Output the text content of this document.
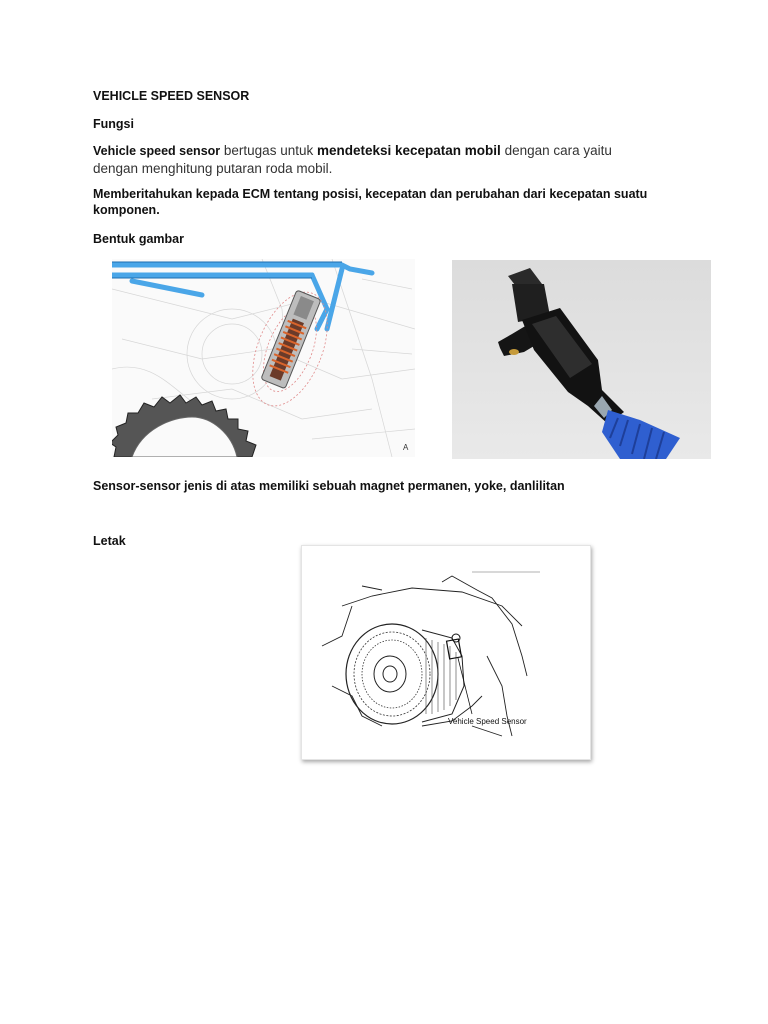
VEHICLE SPEED SENSOR
Fungsi
Vehicle speed sensor bertugas untuk mendeteksi kecepatan mobil dengan cara yaitu dengan menghitung putaran roda mobil.
Memberitahukan kepada ECM tentang posisi, kecepatan dan perubahan dari kecepatan suatu komponen.
Bentuk gambar
A
Sensor-sensor jenis di atas memiliki sebuah magnet permanen, yoke, danlilitan
Letak
Vehicle Speed Sensor
